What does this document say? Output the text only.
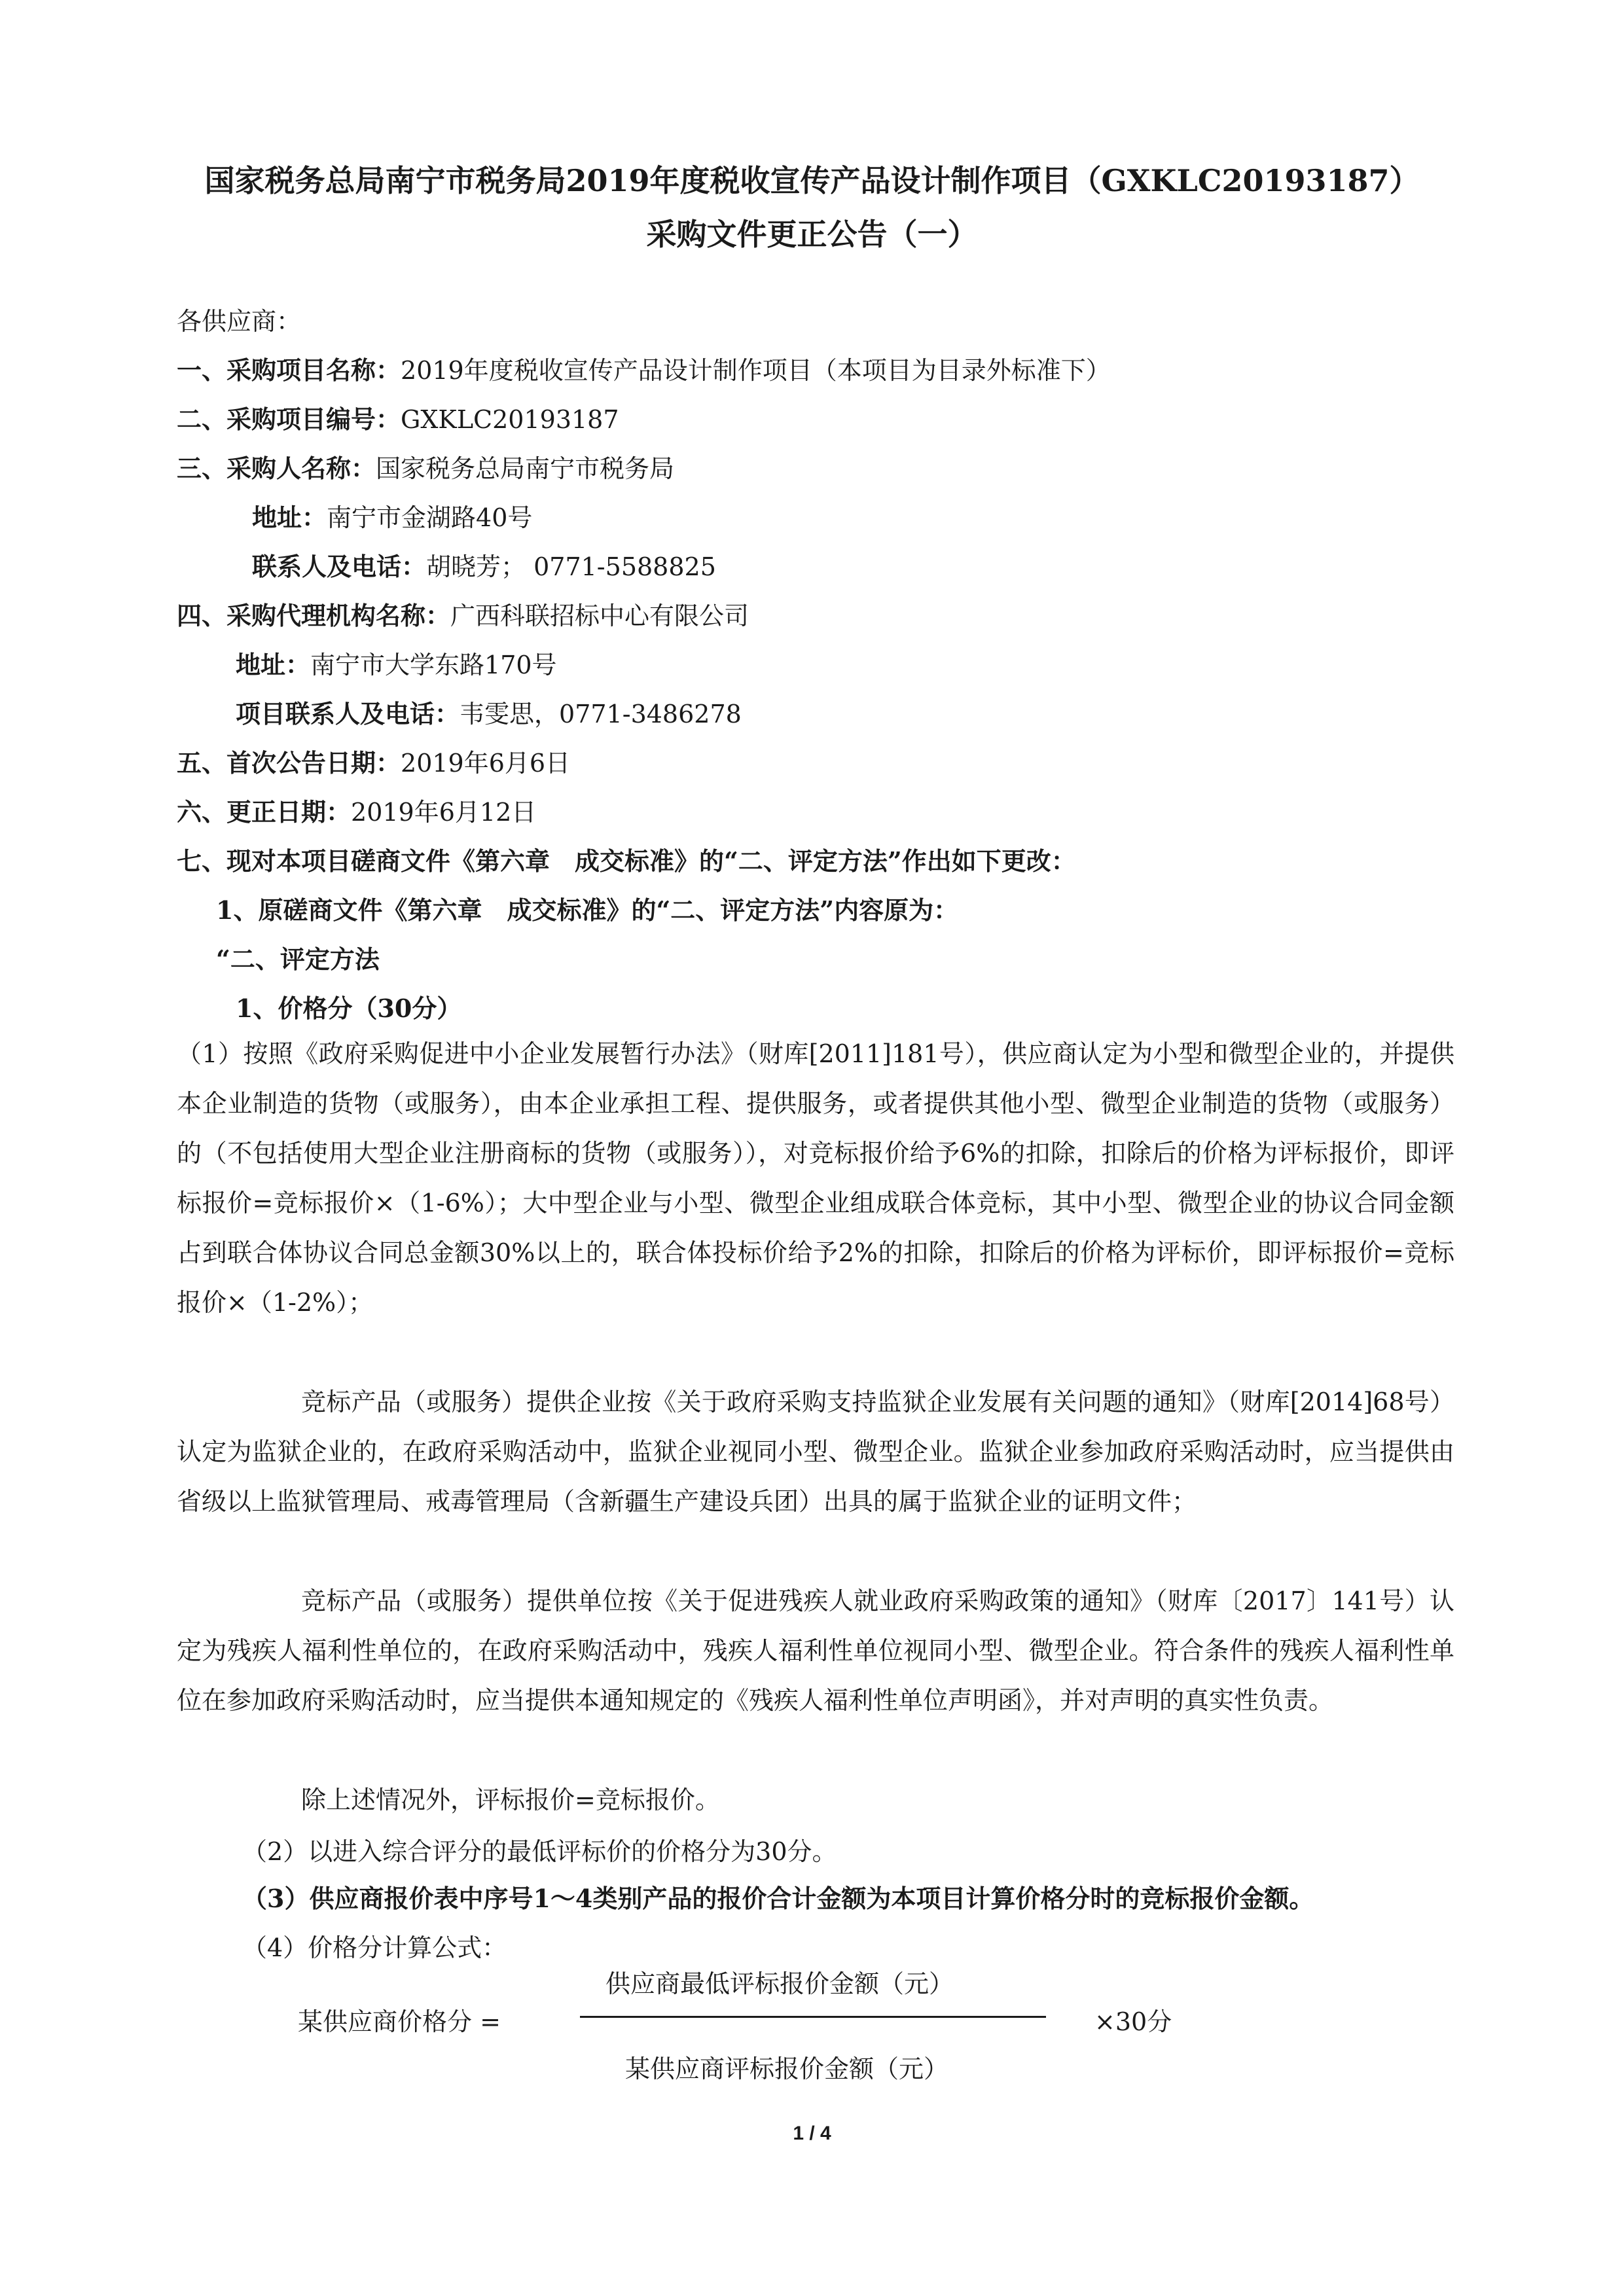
国家税务总局南宁市税务局2019年度税收宣传产品设计制作项目（GXKLC20193187）
采购文件更正公告（一）
各供应商：
一、采购项目名称：2019年度税收宣传产品设计制作项目（本项目为目录外标准下）
二、采购项目编号：GXKLC20193187
三、采购人名称：国家税务总局南宁市税务局
地址：南宁市金湖路40号
联系人及电话：胡晓芳； 0771-5588825
四、采购代理机构名称：广西科联招标中心有限公司
地址：南宁市大学东路170号
项目联系人及电话：韦雯思，0771-3486278
五、首次公告日期：2019年6月6日
六、更正日期：2019年6月12日
七、现对本项目磋商文件《第六章　成交标准》的“二、评定方法”作出如下更改：
1、原磋商文件《第六章　成交标准》的“二、评定方法”内容原为：
“二、评定方法
1、价格分（30分）
（1）按照《政府采购促进中小企业发展暂行办法》（财库[2011]181号），供应商认定为小型和微型企业的，并提供本企业制造的货物（或服务），由本企业承担工程、提供服务，或者提供其他小型、微型企业制造的货物（或服务）的（不包括使用大型企业注册商标的货物（或服务）），对竞标报价给予6%的扣除，扣除后的价格为评标报价，即评标报价=竞标报价×（1-6%）；大中型企业与小型、微型企业组成联合体竞标，其中小型、微型企业的协议合同金额占到联合体协议合同总金额30%以上的，联合体投标价给予2%的扣除，扣除后的价格为评标价，即评标报价=竞标报价×（1-2%）；
竞标产品（或服务）提供企业按《关于政府采购支持监狱企业发展有关问题的通知》（财库[2014]68号）认定为监狱企业的，在政府采购活动中，监狱企业视同小型、微型企业。监狱企业参加政府采购活动时，应当提供由省级以上监狱管理局、戒毒管理局（含新疆生产建设兵团）出具的属于监狱企业的证明文件；
竞标产品（或服务）提供单位按《关于促进残疾人就业政府采购政策的通知》（财库〔2017〕141号）认定为残疾人福利性单位的，在政府采购活动中，残疾人福利性单位视同小型、微型企业。符合条件的残疾人福利性单位在参加政府采购活动时，应当提供本通知规定的《残疾人福利性单位声明函》，并对声明的真实性负责。
除上述情况外，评标报价=竞标报价。
（2）以进入综合评分的最低评标价的价格分为30分。
（3）供应商报价表中序号1～4类别产品的报价合计金额为本项目计算价格分时的竞标报价金额。
（4）价格分计算公式：
供应商最低评标报价金额（元）
某供应商价格分 =	×30分
某供应商评标报价金额（元）
1 / 4
